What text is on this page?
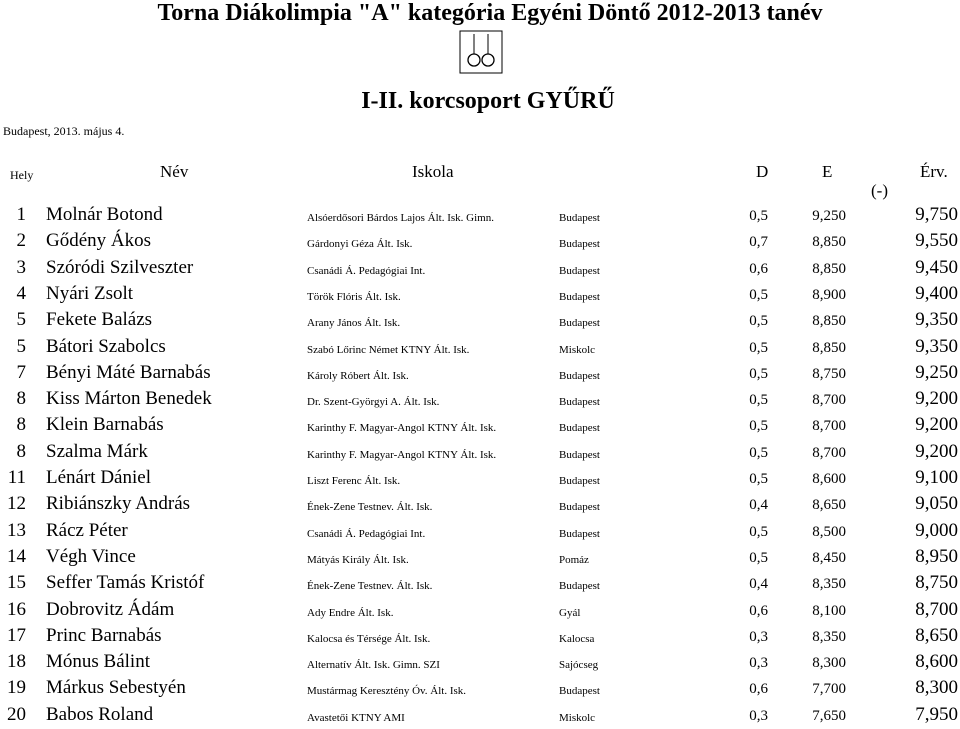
Torna Diákolimpia "A" kategória Egyéni Döntő 2012-2013 tanév
I-II. korcsoport GYŰRŰ
Budapest, 2013. május 4.
Hely	Név	Iskola	D	E	Érv.
(-)
1 Molnár Botond	Alsóerdősori Bárdos Lajos Ált. Isk. Gimn.	Budapest	0,5	9,250	9,750
2 Gődény Ákos	Gárdonyi Géza Ált. Isk.	Budapest	0,7	8,850	9,550
3 Szóródi Szilveszter	Csanádi Á. Pedagógiai Int.	Budapest	0,6	8,850	9,450
4 Nyári Zsolt	Török Flóris Ált. Isk.	Budapest	0,5	8,900	9,400
5 Fekete Balázs	Arany János Ált. Isk.	Budapest	0,5	8,850	9,350
5 Bátori Szabolcs	Szabó Lőrinc Német KTNY Ált. Isk.	Miskolc	0,5	8,850	9,350
7 Bényi Máté Barnabás	Károly Róbert Ált. Isk.	Budapest	0,5	8,750	9,250
8 Kiss Márton Benedek	Dr. Szent-Györgyi A. Ált. Isk.	Budapest	0,5	8,700	9,200
8 Klein Barnabás	Karinthy F. Magyar-Angol KTNY Ált. Isk.	Budapest	0,5	8,700	9,200
8 Szalma Márk	Karinthy F. Magyar-Angol KTNY Ált. Isk.	Budapest	0,5	8,700	9,200
11 Lénárt Dániel	Liszt Ferenc Ált. Isk.	Budapest	0,5	8,600	9,100
12 Ribiánszky András	Ének-Zene Testnev. Ált. Isk.	Budapest	0,4	8,650	9,050
13 Rácz Péter	Csanádi Á. Pedagógiai Int.	Budapest	0,5	8,500	9,000
14 Végh Vince	Mátyás Király Ált. Isk.	Pomáz	0,5	8,450	8,950
15 Seffer Tamás Kristóf	Ének-Zene Testnev. Ált. Isk.	Budapest	0,4	8,350	8,750
16 Dobrovitz Ádám	Ady Endre Ált. Isk.	Gyál	0,6	8,100	8,700
17 Princ Barnabás	Kalocsa és Térsége Ált. Isk.	Kalocsa	0,3	8,350	8,650
18 Mónus Bálint	Alternatív Ált. Isk. Gimn. SZI	Sajócseg	0,3	8,300	8,600
19 Márkus Sebestyén	Mustármag Keresztény Óv. Ált. Isk.	Budapest	0,6	7,700	8,300
20 Babos Roland	Avastetői KTNY AMI	Miskolc	0,3	7,650	7,950
